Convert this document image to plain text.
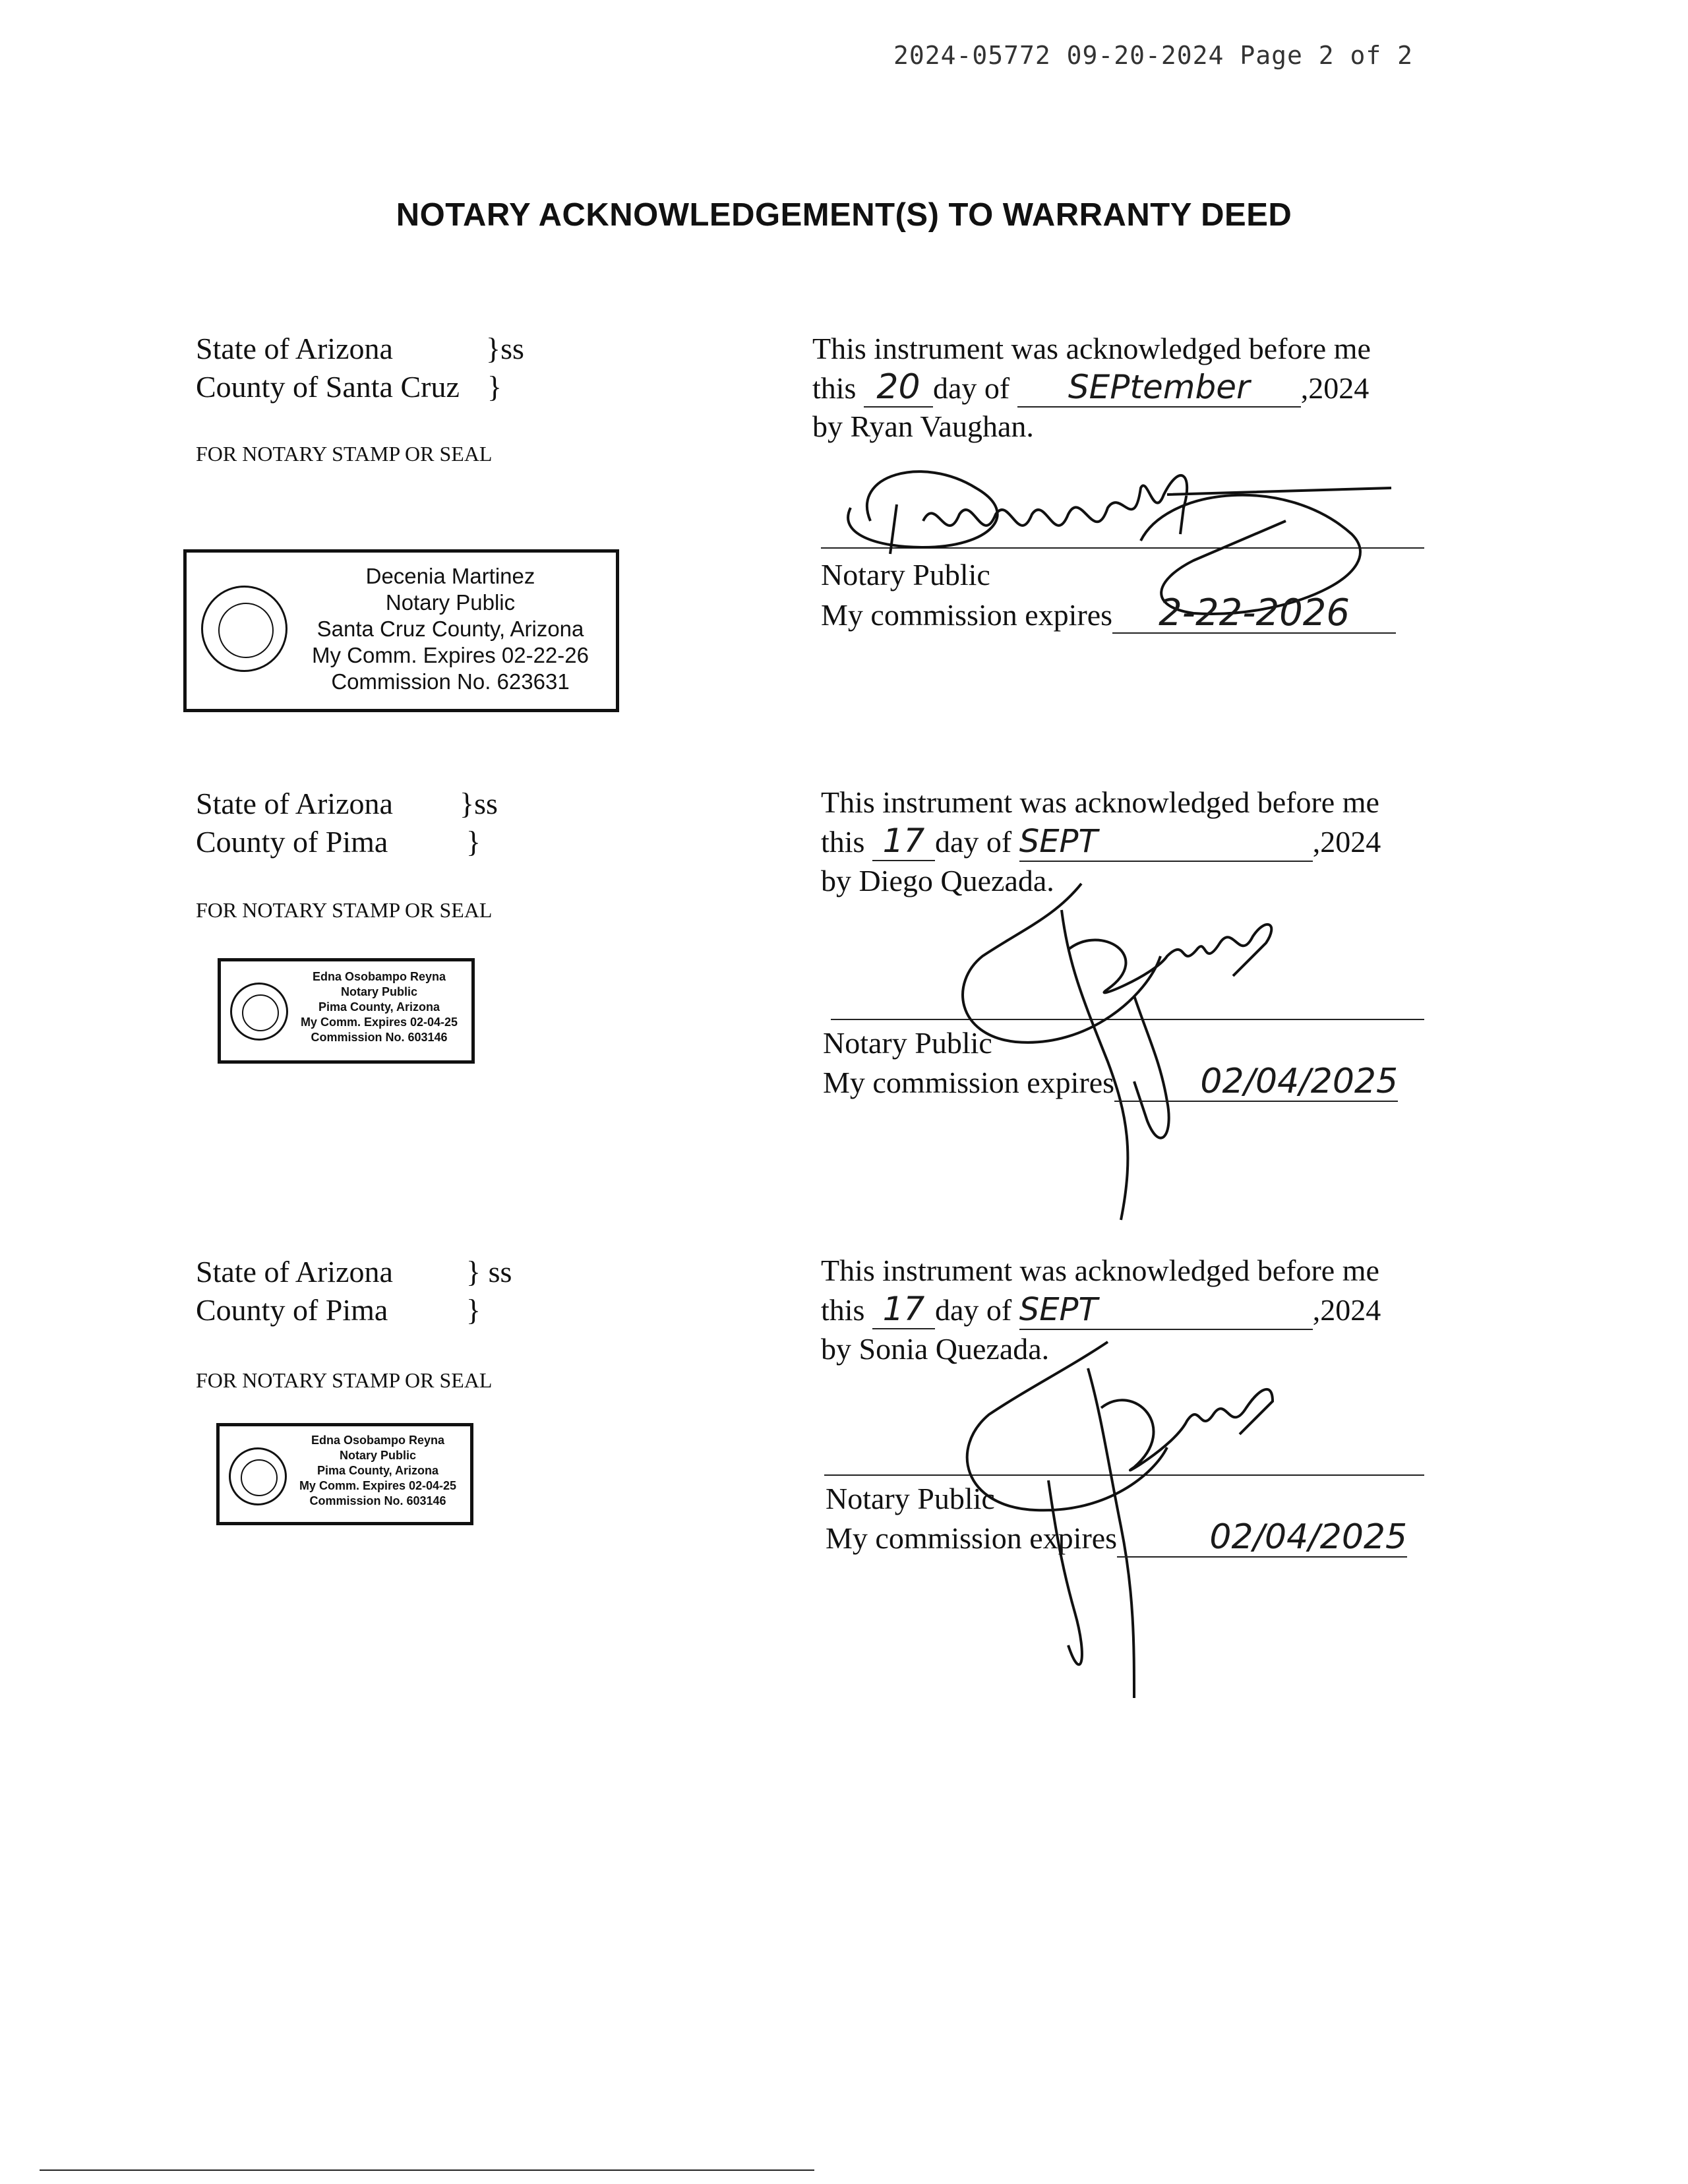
2024-05772 09-20-2024 Page 2 of 2
NOTARY ACKNOWLEDGEMENT(S) TO WARRANTY DEED
State of Arizona	}ss
County of Santa Cruz }
FOR NOTARY STAMP OR SEAL
Decenia Martinez
Notary Public
Santa Cruz County, Arizona
My Comm. Expires 02-22-26
Commission No. 623631
This instrument was acknowledged before me
this 20 day of SEPtember ,2024
by Ryan Vaughan.
Notary Public
My commission expires 2-22-2026
State of Arizona	}ss
County of Pima	}
FOR NOTARY STAMP OR SEAL
Edna Osobampo Reyna
Notary Public
Pima County, Arizona
My Comm. Expires 02-04-25
Commission No. 603146
This instrument was acknowledged before me
this 17 day of SEPT	,2024
by Diego Quezada.
Notary Public
My commission expires	02/04/2025
State of Arizona	} ss
County of Pima	}
FOR NOTARY STAMP OR SEAL
Edna Osobampo Reyna
Notary Public
Pima County, Arizona
My Comm. Expires 02-04-25
Commission No. 603146
This instrument was acknowledged before me
this 17 day of SEPT	,2024
by Sonia Quezada.
Notary Public
My commission expires	02/04/2025
